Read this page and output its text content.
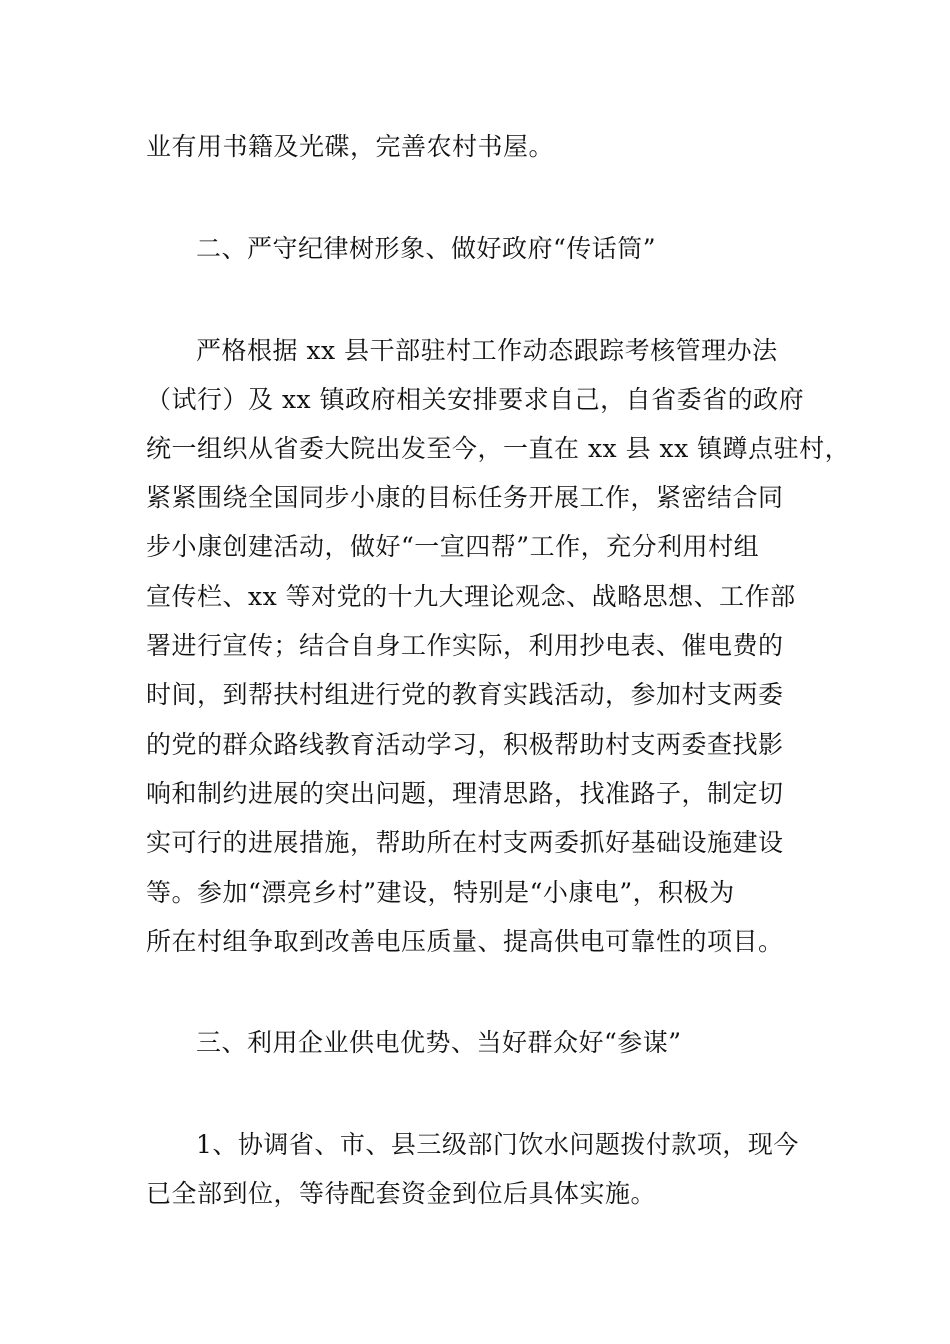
业有用书籍及光碟，完善农村书屋。
二、严守纪律树形象、做好政府“传话筒”
严格根据 xx 县干部驻村工作动态跟踪考核管理办法
（试行）及 xx 镇政府相关安排要求自己，自省委省的政府
统一组织从省委大院出发至今，一直在 xx 县 xx 镇蹲点驻村，
紧紧围绕全国同步小康的目标任务开展工作，紧密结合同
步小康创建活动，做好“一宣四帮”工作，充分利用村组
宣传栏、xx 等对党的十九大理论观念、战略思想、工作部
署进行宣传；结合自身工作实际，利用抄电表、催电费的
时间，到帮扶村组进行党的教育实践活动，参加村支两委
的党的群众路线教育活动学习，积极帮助村支两委查找影
响和制约进展的突出问题，理清思路，找准路子，制定切
实可行的进展措施，帮助所在村支两委抓好基础设施建设
等。参加“漂亮乡村”建设，特别是“小康电”，积极为
所在村组争取到改善电压质量、提高供电可靠性的项目。
三、利用企业供电优势、当好群众好“参谋”
1、协调省、市、县三级部门饮水问题拨付款项，现今
已全部到位，等待配套资金到位后具体实施。
